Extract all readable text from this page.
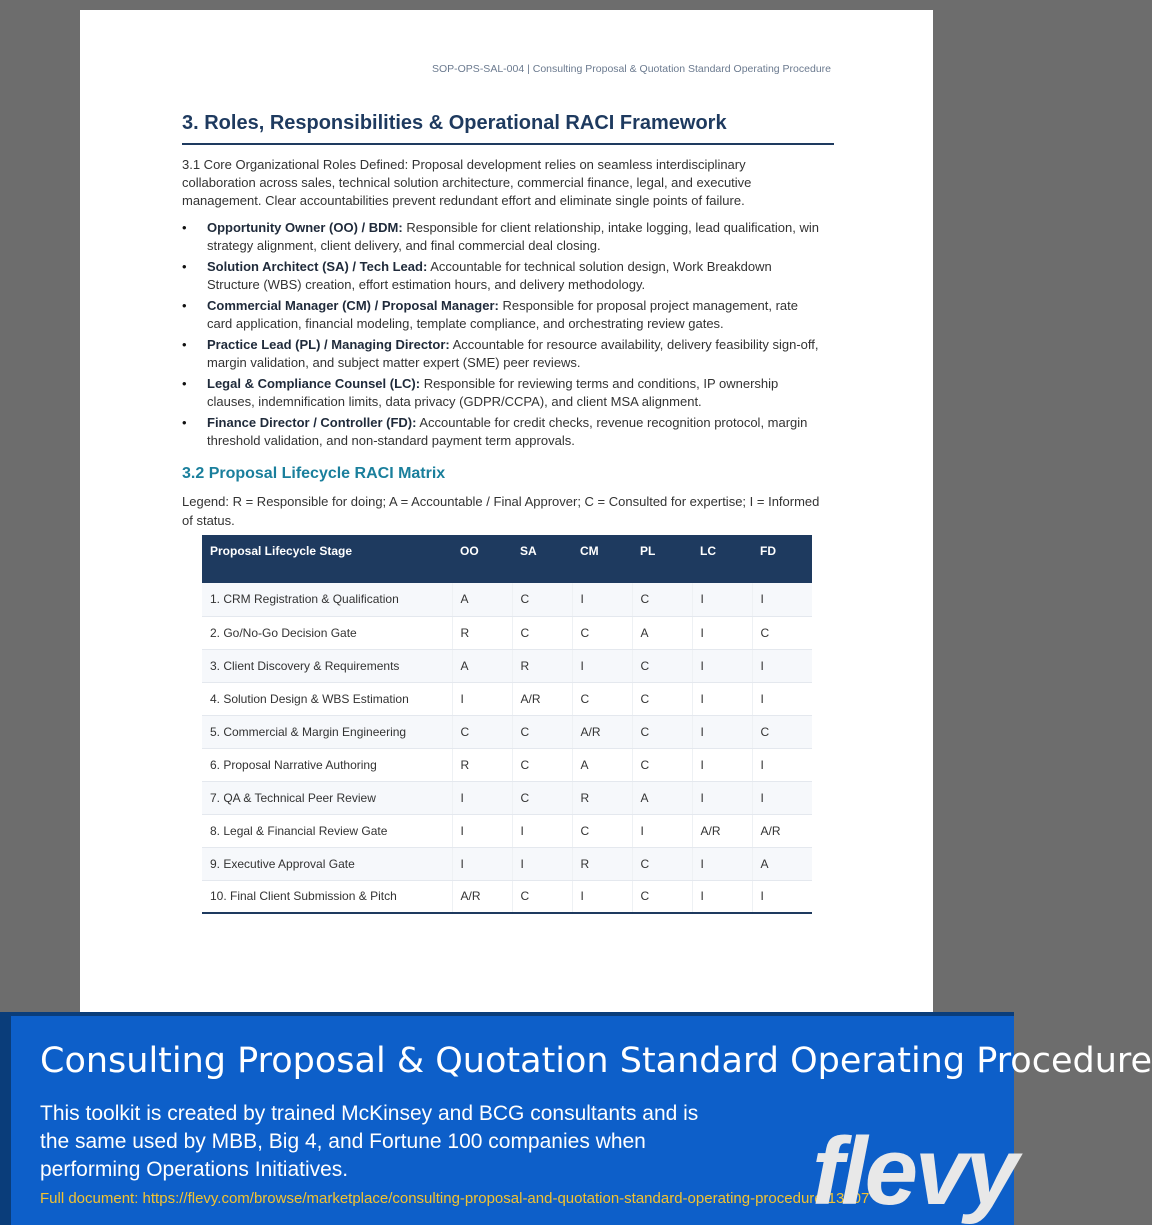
SOP-OPS-SAL-004 | Consulting Proposal & Quotation Standard Operating Procedure
3. Roles, Responsibilities & Operational RACI Framework
3.1 Core Organizational Roles Defined: Proposal development relies on seamless interdisciplinary collaboration across sales, technical solution architecture, commercial finance, legal, and executive management. Clear accountabilities prevent redundant effort and eliminate single points of failure.
• Opportunity Owner (OO) / BDM: Responsible for client relationship, intake logging, lead qualification, win strategy alignment, client delivery, and final commercial deal closing.
• Solution Architect (SA) / Tech Lead: Accountable for technical solution design, Work Breakdown Structure (WBS) creation, effort estimation hours, and delivery methodology.
• Commercial Manager (CM) / Proposal Manager: Responsible for proposal project management, rate card application, financial modeling, template compliance, and orchestrating review gates.
• Practice Lead (PL) / Managing Director: Accountable for resource availability, delivery feasibility sign-off, margin validation, and subject matter expert (SME) peer reviews.
• Legal & Compliance Counsel (LC): Responsible for reviewing terms and conditions, IP ownership clauses, indemnification limits, data privacy (GDPR/CCPA), and client MSA alignment.
• Finance Director / Controller (FD): Accountable for credit checks, revenue recognition protocol, margin threshold validation, and non-standard payment term approvals.
3.2 Proposal Lifecycle RACI Matrix
Legend: R = Responsible for doing; A = Accountable / Final Approver; C = Consulted for expertise; I = Informed of status.
Proposal Lifecycle Stage	OO	SA	CM	PL	LC	FD
1. CRM Registration & Qualification	A	C	I	C	I	I
2. Go/No-Go Decision Gate	R	C	C	A	I	C
3. Client Discovery & Requirements	A	R	I	C	I	I
4. Solution Design & WBS Estimation	I	A/R	C	C	I	I
5. Commercial & Margin Engineering	C	C	A/R	C	I	C
6. Proposal Narrative Authoring	R	C	A	C	I	I
7. QA & Technical Peer Review	I	C	R	A	I	I
8. Legal & Financial Review Gate	I	I	C	I	A/R	A/R
9. Executive Approval Gate	I	I	R	C	I	A
10. Final Client Submission & Pitch	A/R	C	I	C	I	I
Consulting Proposal & Quotation Standard Operating Procedure
This toolkit is created by trained McKinsey and BCG consultants and is the same used by MBB, Big 4, and Fortune 100 companies when performing Operations Initiatives.
Full document: https://flevy.com/browse/marketplace/consulting-proposal-and-quotation-standard-operating-procedure-13507
flevy
